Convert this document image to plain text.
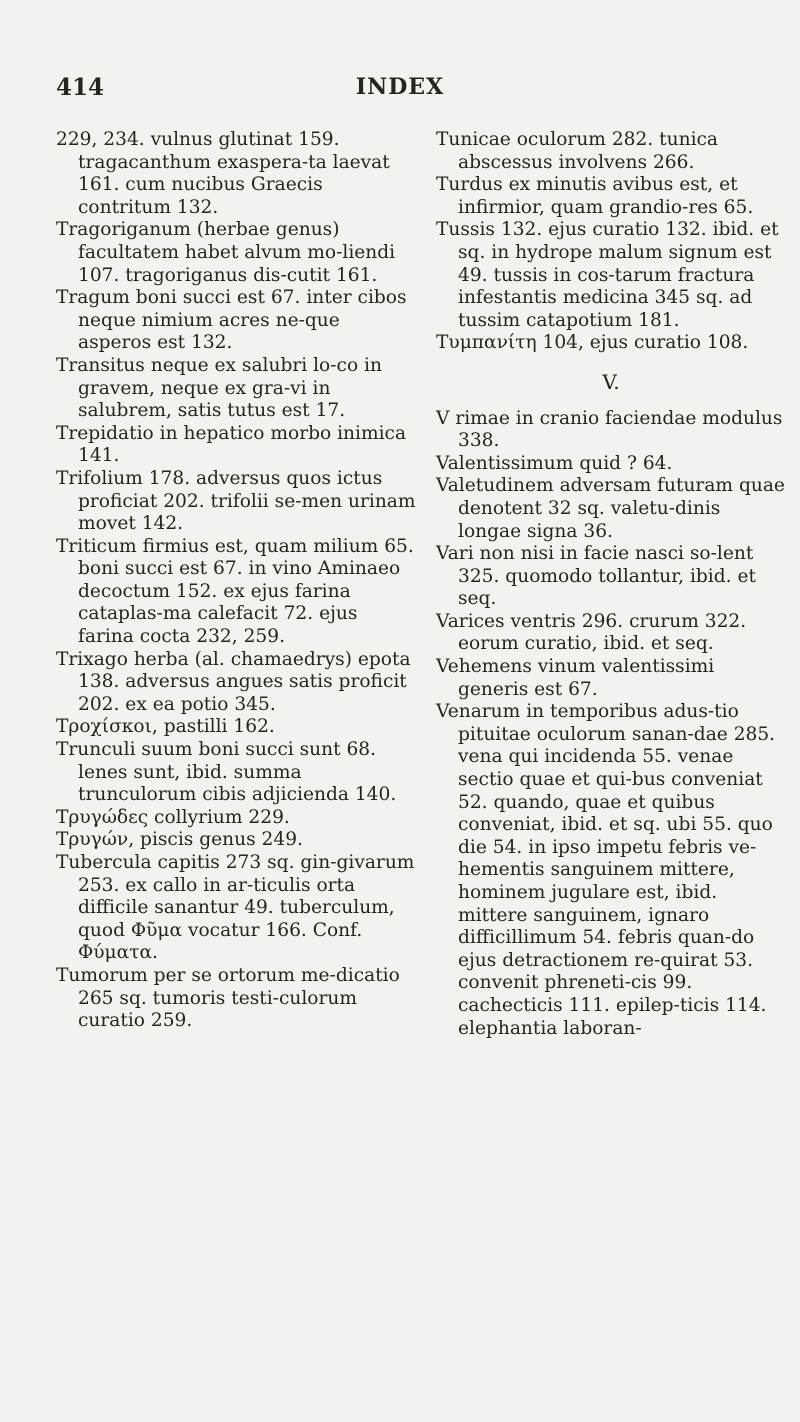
414	INDEX

229, 234. vulnus glutinat 159. tragacanthum exaspera-ta laevat 161. cum nucibus Graecis contritum 132.

Tragoriganum (herbae genus) facultatem habet alvum mo-liendi 107. tragoriganus dis-cutit 161.

Tragum boni succi est 67. inter cibos neque nimium acres ne-que asperos est 132.

Transitus neque ex salubri lo-co in gravem, neque ex gra-vi in salubrem, satis tutus est 17.

Trepidatio in hepatico morbo inimica 141.

Trifolium 178. adversus quos ictus proficiat 202. trifolii se-men urinam movet 142.

Triticum firmius est, quam milium 65. boni succi est 67. in vino Aminaeo decoctum 152. ex ejus farina cataplas-ma calefacit 72. ejus farina cocta 232, 259.

Trixago herba (al. chamaedrys) epota 138. adversus angues satis proficit 202. ex ea potio 345.

Τροχίσκοι, pastilli 162.

Trunculi suum boni succi sunt 68. lenes sunt, ibid. summa trunculorum cibis adjicienda 140.

Τρυγώδες collyrium 229.

Τρυγών, piscis genus 249.

Tubercula capitis 273 sq. gin-givarum 253. ex callo in ar-ticulis orta difficile sanantur 49. tuberculum, quod Φῦμα vocatur 166. Conf. Φύματα.

Tumorum per se ortorum me-dicatio 265 sq. tumoris testi-culorum curatio 259.

Tunicae oculorum 282. tunica abscessus involvens 266.

Turdus ex minutis avibus est, et infirmior, quam grandio-res 65.

Tussis 132. ejus curatio 132. ibid. et sq. in hydrope malum signum est 49. tussis in cos-tarum fractura infestantis medicina 345 sq. ad tussim catapotium 181.

Τυμπανίτη 104, ejus curatio 108.

V.

V rimae in cranio faciendae modulus 338.

Valentissimum quid ? 64.

Valetudinem adversam futuram quae denotent 32 sq. valetu-dinis longae signa 36.

Vari non nisi in facie nasci so-lent 325. quomodo tollantur, ibid. et seq.

Varices ventris 296. crurum 322. eorum curatio, ibid. et seq.

Vehemens vinum valentissimi generis est 67.

Venarum in temporibus adus-tio pituitae oculorum sanan-dae 285. vena qui incidenda 55. venae sectio quae et qui-bus conveniat 52. quando, quae et quibus conveniat, ibid. et sq. ubi 55. quo die 54. in ipso impetu febris ve-hementis sanguinem mittere, hominem jugulare est, ibid. mittere sanguinem, ignaro difficillimum 54. febris quan-do ejus detractionem re-quirat 53. convenit phreneti-cis 99. cachecticis 111. epilep-ticis 114. elephantia laboran-
